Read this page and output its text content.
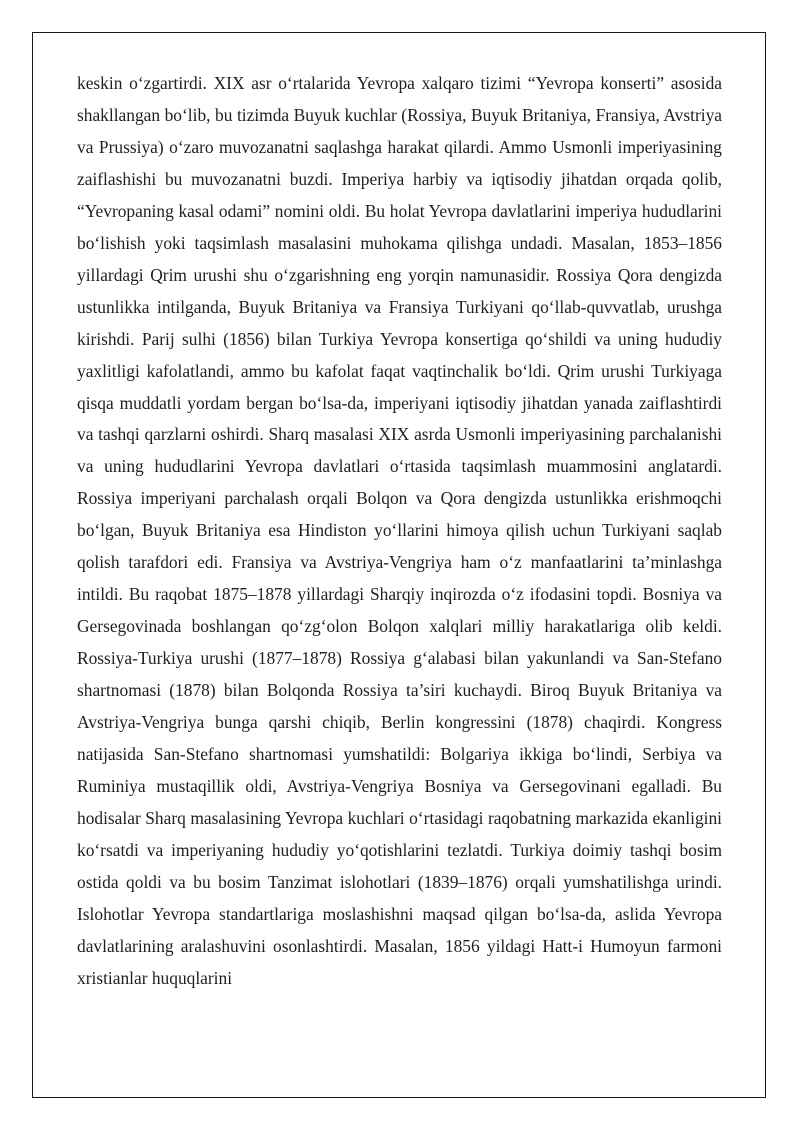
keskin o‘zgartirdi. XIX asr o‘rtalarida Yevropa xalqaro tizimi “Yevropa konserti” asosida shakllangan bo‘lib, bu tizimda Buyuk kuchlar (Rossiya, Buyuk Britaniya, Fransiya, Avstriya va Prussiya) o‘zaro muvozanatni saqlashga harakat qilardi. Ammo Usmonli imperiyasining zaiflashishi bu muvozanatni buzdi. Imperiya harbiy va iqtisodiy jihatdan orqada qolib, “Yevropaning kasal odami” nomini oldi. Bu holat Yevropa davlatlarini imperiya hududlarini bo‘lishish yoki taqsimlash masalasini muhokama qilishga undadi. Masalan, 1853–1856 yillardagi Qrim urushi shu o‘zgarishning eng yorqin namunasidir. Rossiya Qora dengizda ustunlikka intilganda, Buyuk Britaniya va Fransiya Turkiyani qo‘llab-quvvatlab, urushga kirishdi. Parij sulhi (1856) bilan Turkiya Yevropa konsertiga qo‘shildi va uning hududiy yaxlitligi kafolatlandi, ammo bu kafolat faqat vaqtinchalik bo‘ldi. Qrim urushi Turkiyaga qisqa muddatli yordam bergan bo‘lsa-da, imperiyani iqtisodiy jihatdan yanada zaiflashtirdi va tashqi qarzlarni oshirdi. Sharq masalasi XIX asrda Usmonli imperiyasining parchalanishi va uning hududlarini Yevropa davlatlari o‘rtasida taqsimlash muammosini anglatardi. Rossiya imperiyani parchalash orqali Bolqon va Qora dengizda ustunlikka erishmoqchi bo‘lgan, Buyuk Britaniya esa Hindiston yo‘llarini himoya qilish uchun Turkiyani saqlab qolish tarafdori edi. Fransiya va Avstriya-Vengriya ham o‘z manfaatlarini ta’minlashga intildi. Bu raqobat 1875–1878 yillardagi Sharqiy inqirozda o‘z ifodasini topdi. Bosniya va Gersegovinada boshlangan qo‘zg‘olon Bolqon xalqlari milliy harakatlariga olib keldi. Rossiya-Turkiya urushi (1877–1878) Rossiya g‘alabasi bilan yakunlandi va San-Stefano shartnomasi (1878) bilan Bolqonda Rossiya ta’siri kuchaydi. Biroq Buyuk Britaniya va Avstriya-Vengriya bunga qarshi chiqib, Berlin kongressini (1878) chaqirdi. Kongress natijasida San-Stefano shartnomasi yumshatildi: Bolgariya ikkiga bo‘lindi, Serbiya va Ruminiya mustaqillik oldi, Avstriya-Vengriya Bosniya va Gersegovinani egalladi. Bu hodisalar Sharq masalasining Yevropa kuchlari o‘rtasidagi raqobatning markazida ekanligini ko‘rsatdi va imperiyaning hududiy yo‘qotishlarini tezlatdi. Turkiya doimiy tashqi bosim ostida qoldi va bu bosim Tanzimat islohotlari (1839–1876) orqali yumshatilishga urindi. Islohotlar Yevropa standartlariga moslashishni maqsad qilgan bo‘lsa-da, aslida Yevropa davlatlarining aralashuvini osonlashtirdi. Masalan, 1856 yildagi Hatt-i Humoyun farmoni xristianlar huquqlarini
